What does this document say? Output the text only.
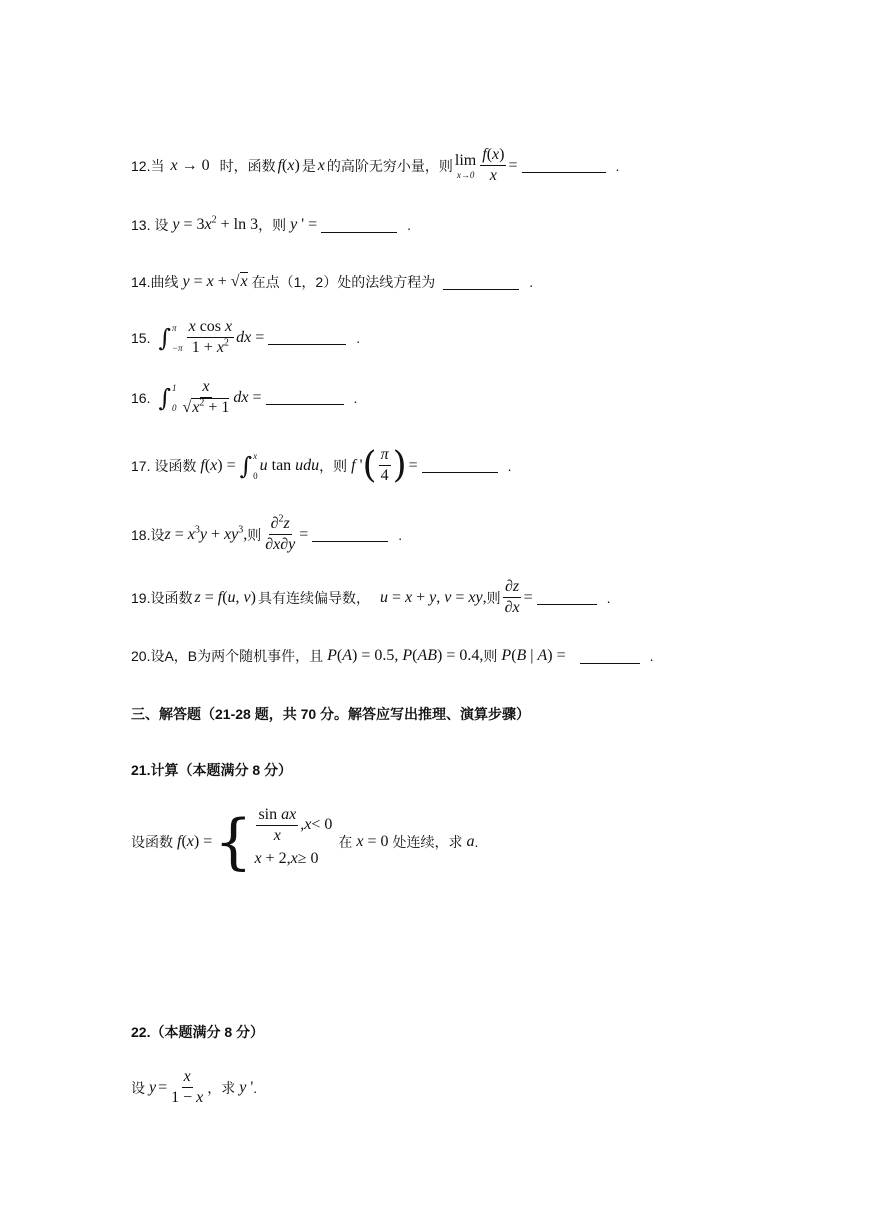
12. 当 x → 0 时，函数 f(x) 是 x 的高阶无穷小量，则 lim
$x\to 0 \frac{f(x)}{x}$ =	.
13. 设 $y = 3x^2 + \ln 3$ ，则 y ' =	.
14.曲线 y = x + √x 在点（1，2）处的法线方程为	.
15. ∫ π
$-\pi \frac{\text{x cos x}}{1 + x^2}$ dx =	.
16. ∫ 1
$0 \frac{x}{√x^2 + 1}$ dx =	.
17. 设函数 f(x) = ∫ x
0
u tan udu ，则 f ' ( $\frac{\pi}{4}$ ) =	.
18.设 $z = x^3y + xy^3$, 则 $\frac{\partial^2z}{\partial x\partial y}$ =	.
19.设函数 z = f(u, v) 具有连续偏导数， u = x + y, v = xy, 则 $\frac{\partial z}{\partial x}$ =	.
20.设A，B为两个随机事件，且 P(A) = 0.5, P(AB) = 0.4, 则 P(B | A) =	.
三、解答题（21-28 题，共 70 分。解答应写出推理、演算步骤）
21.计算（本题满分 8 分）
设函数 f(x) = { $\frac{\text{sin ax}}{x}$ , x < 0
x + 2, x ≥ 0
在 x = 0 处连续，求 a .
22.（本题满分 8 分）
设 $y = \frac{x}{1 - x}$ ，求 y ' .
